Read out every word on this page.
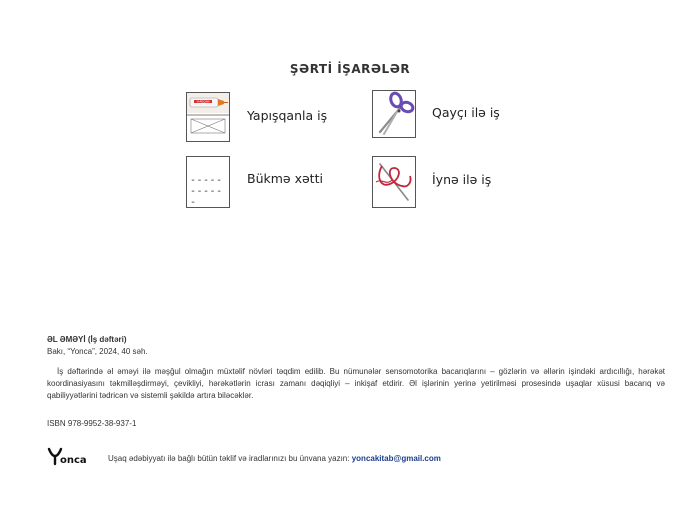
ŞƏRTİ İŞARƏLƏR
YAPIŞQAN
Yapışqanla iş	Qayçı ilə iş
-----------
Bükmə xətti	İynə ilə iş
ƏL ƏMƏYİ (İş dəftəri)
Bakı, “Yonca”, 2024, 40 səh.
İş dəftərində əl əməyi ilə məşğul olmağın müxtəlif növləri təqdim edilib. Bu nümunələr sensomotorika bacarıqlarını – gözlərin və əllərin işindəki ardıcıllığı, hərəkət koordinasiyasını təkmilləşdirməyi, çevikliyi, hərəkətlərin icrası zamanı dəqiqliyi – inkişaf etdirir. Əl işlərinin yerinə yetirilməsi prosesində uşaqlar xüsusi bacarıq və qabiliyyətlərini tədricən və sistemli şəkildə artıra biləcəklər.
ISBN 978-9952-38-937-1
onca	Uşaq ədəbiyyatı ilə bağlı bütün təklif və iradlarınızı bu ünvana yazın: yoncakitab@gmail.com
